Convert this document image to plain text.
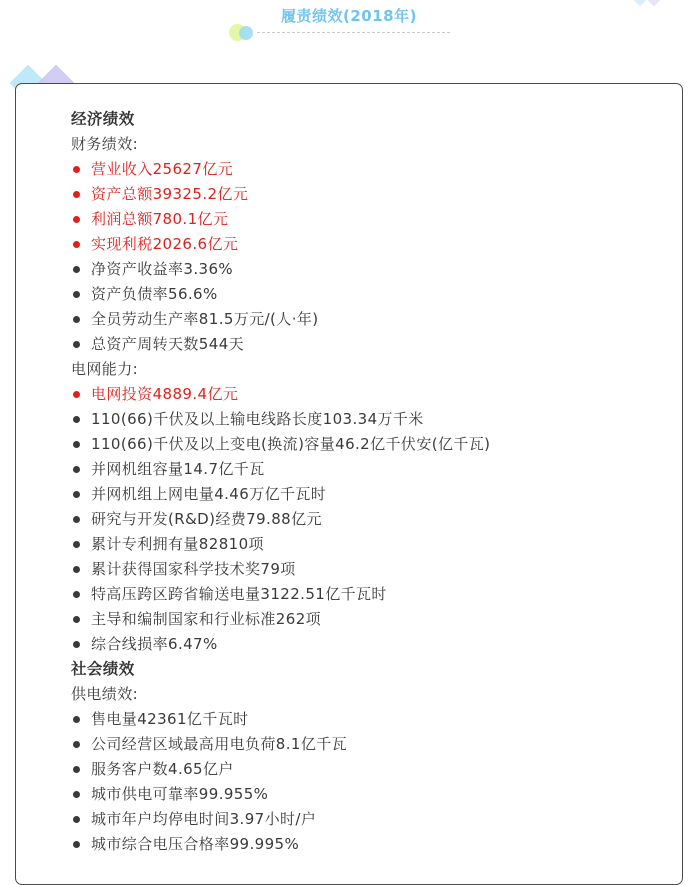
履责绩效(2018年)
经济绩效
财务绩效:
营业收入25627亿元
资产总额39325.2亿元
利润总额780.1亿元
实现利税2026.6亿元
净资产收益率3.36%
资产负债率56.6%
全员劳动生产率81.5万元/(人·年)
总资产周转天数544天
电网能力:
电网投资4889.4亿元
110(66)千伏及以上输电线路长度103.34万千米
110(66)千伏及以上变电(换流)容量46.2亿千伏安(亿千瓦)
并网机组容量14.7亿千瓦
并网机组上网电量4.46万亿千瓦时
研究与开发(R&D)经费79.88亿元
累计专利拥有量82810项
累计获得国家科学技术奖79项
特高压跨区跨省输送电量3122.51亿千瓦时
主导和编制国家和行业标准262项
综合线损率6.47%
社会绩效
供电绩效:
售电量42361亿千瓦时
公司经营区域最高用电负荷8.1亿千瓦
服务客户数4.65亿户
城市供电可靠率99.955%
城市年户均停电时间3.97小时/户
城市综合电压合格率99.995%
